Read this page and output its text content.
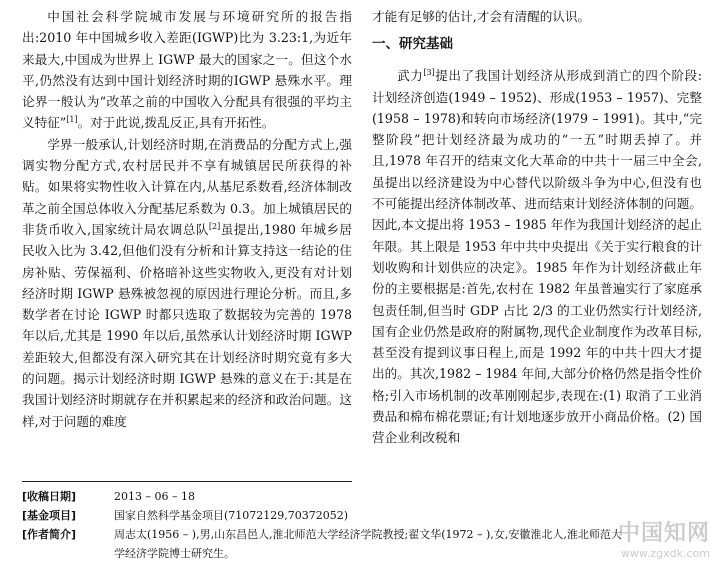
中国社会科学院城市发展与环境研究所的报告指出:2010 年中国城乡收入差距(IGWP)比为 3.23:1,为近年来最大,中国成为世界上 IGWP 最大的国家之一。但这个水平,仍然没有达到中国计划经济时期的IGWP 悬殊水平。理论界一般认为“改革之前的中国收入分配具有很强的平均主义特征”[1]。对于此说,拨乱反正,具有开拓性。

学界一般承认,计划经济时期,在消费品的分配方式上,强调实物分配方式,农村居民并不享有城镇居民所获得的补贴。如果将实物性收入计算在内,从基尼系数看,经济体制改革之前全国总体收入分配基尼系数为 0.3。加上城镇居民的非货币收入,国家统计局农调总队[2]虽提出,1980 年城乡居民收入比为 3.42,但他们没有分析和计算支持这一结论的住房补贴、劳保福利、价格暗补这些实物收入,更没有对计划经济时期 IGWP 悬殊被忽视的原因进行理论分析。而且,多数学者在讨论 IGWP 时都只选取了数据较为完善的 1978 年以后,尤其是 1990 年以后,虽然承认计划经济时期 IGWP 差距较大,但都没有深入研究其在计划经济时期究竟有多大的问题。揭示计划经济时期 IGWP 悬殊的意义在于:其是在我国计划经济时期就存在并积累起来的经济和政治问题。这样,对于问题的难度

才能有足够的估计,才会有清醒的认识。

一、研究基础

武力[3]提出了我国计划经济从形成到消亡的四个阶段:计划经济创造(1949 – 1952)、形成(1953 – 1957)、完整(1958 – 1978)和转向市场经济(1979 – 1991)。其中,“完整阶段”把计划经济最为成功的“一五”时期丢掉了。并且,1978 年召开的结束文化大革命的中共十一届三中全会,虽提出以经济建设为中心替代以阶级斗争为中心,但没有也不可能提出经济体制改革、进而结束计划经济体制的问题。因此,本文提出将 1953 – 1985 年作为我国计划经济的起止年限。其上限是 1953 年中共中央提出《关于实行粮食的计划收购和计划供应的决定》。1985 年作为计划经济截止年份的主要根据是:首先,农村在 1982 年虽普遍实行了家庭承包责任制,但当时 GDP 占比 2/3 的工业仍然实行计划经济,国有企业仍然是政府的附属物,现代企业制度作为改革目标,甚至没有提到议事日程上,而是 1992 年的中共十四大才提出的。其次,1982 – 1984 年间,大部分价格仍然是指令性价格;引入市场机制的改革刚刚起步,表现在:(1) 取消了工业消费品和棉布棉花票证;有计划地逐步放开小商品价格。(2) 国营企业利改税和

[收稿日期]	2013 – 06 – 18
[基金项目]	国家自然科学基金项目(71072129,70372052)
[作者简介]	周志太(1956 – ),男,山东昌邑人,淮北师范大学经济学院教授;翟文华(1972 – ),女,安徽淮北人,淮北师范大
学经济学院博士研究生。
中国知网
www.zgxdk.com
